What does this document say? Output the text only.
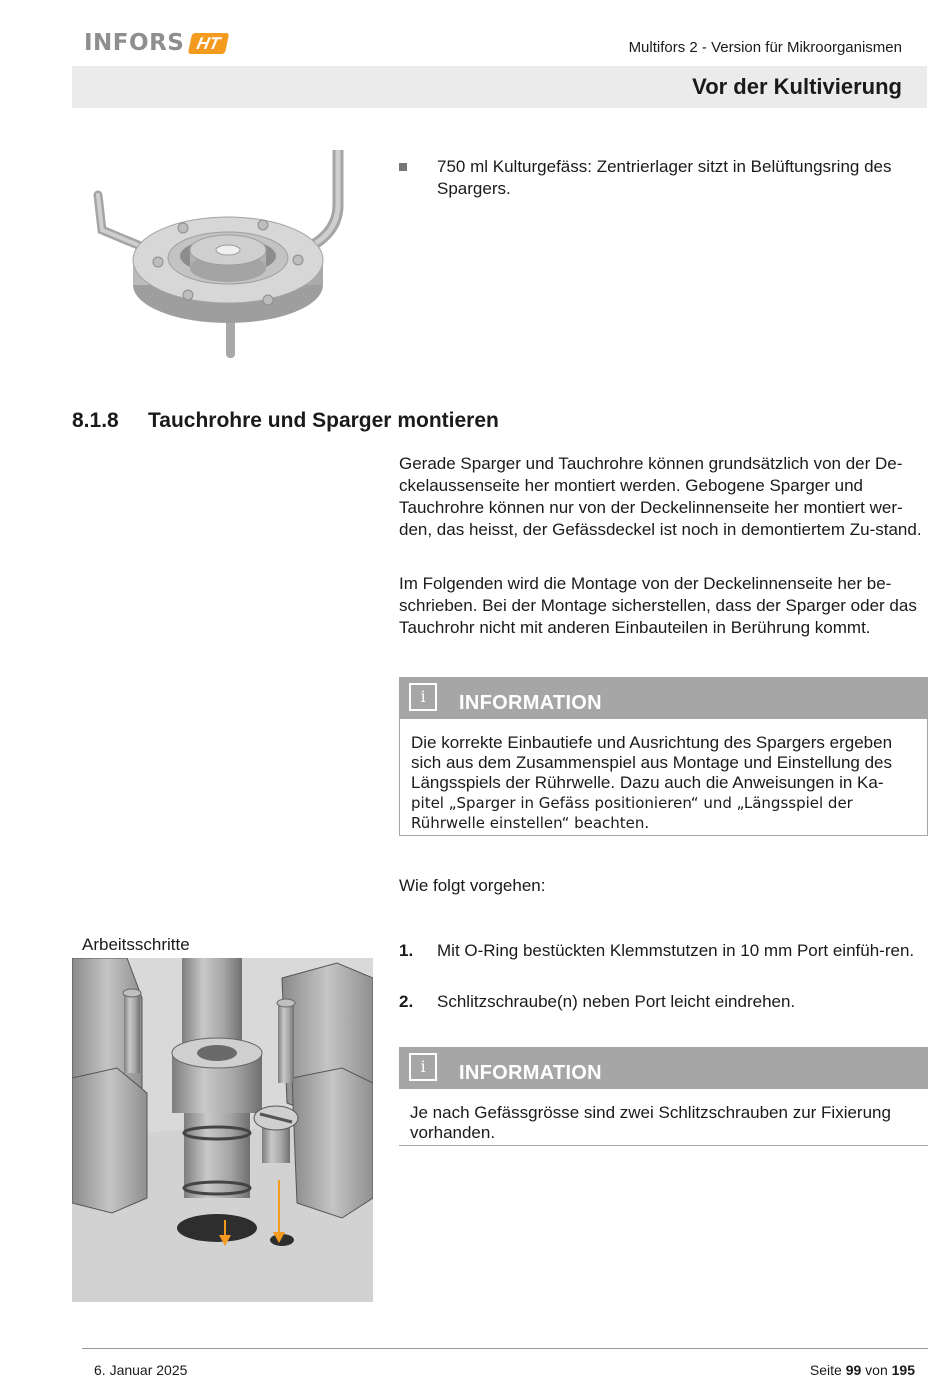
INFORS HT	Multifors 2 - Version für Mikroorganismen
Vor der Kultivierung
750 ml Kulturgefäss: Zentrierlager sitzt in Belüftungsring des Spargers.
8.1.8 Tauchrohre und Sparger montieren

Gerade Sparger und Tauchrohre können grundsätzlich von der De-ckelaussenseite her montiert werden. Gebogene Sparger und Tauchrohre können nur von der Deckelinnenseite her montiert wer-den, das heisst, der Gefässdeckel ist noch in demontiertem Zu-stand.

Im Folgenden wird die Montage von der Deckelinnenseite her be-schrieben. Bei der Montage sicherstellen, dass der Sparger oder das Tauchrohr nicht mit anderen Einbauteilen in Berührung kommt.

i	INFORMATION
Die korrekte Einbautiefe und Ausrichtung des Spargers ergeben sich aus dem Zusammenspiel aus Montage und Einstellung des Längsspiels der Rührwelle. Dazu auch die Anweisungen in Ka- pitel „Sparger in Gefäss positionieren“ und „Längsspiel der Rührwelle einstellen“ beachten.

Wie folgt vorgehen:

Arbeitsschritte	1.	Mit O-Ring bestückten Klemmstutzen in 10 mm Port einfüh-ren.
2.	Schlitzschraube(n) neben Port leicht eindrehen.
i	INFORMATION
Je nach Gefässgrösse sind zwei Schlitzschrauben zur Fixierung vorhanden.
6. Januar 2025	Seite 99 von 195
